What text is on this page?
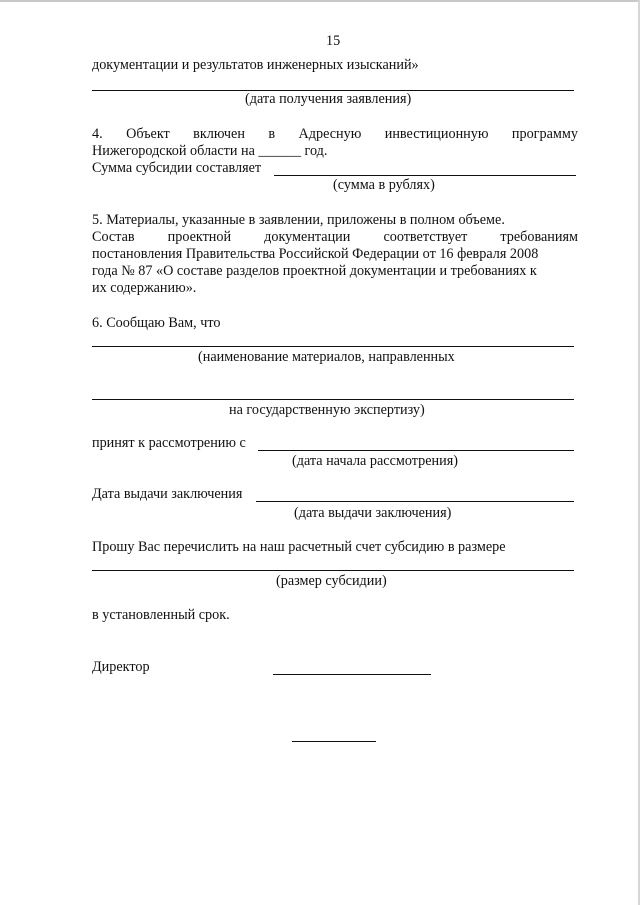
15
документации и результатов инженерных изысканий»
(дата получения заявления)
4. Объект включен в Адресную инвестиционную программу
Нижегородской области на ______ год.
Сумма субсидии составляет
(сумма в рублях)
5. Материалы, указанные в заявлении, приложены в полном объеме.
Состав проектной документации соответствует требованиям
постановления Правительства Российской Федерации от 16 февраля 2008
года № 87 «О составе разделов проектной документации и требованиях к
их содержанию».
6. Сообщаю Вам, что
(наименование материалов, направленных
на государственную экспертизу)
принят к рассмотрению с
(дата начала рассмотрения)
Дата выдачи заключения
(дата выдачи заключения)
Прошу Вас перечислить на наш расчетный счет субсидию в размере
(размер субсидии)
в установленный срок.
Директор
